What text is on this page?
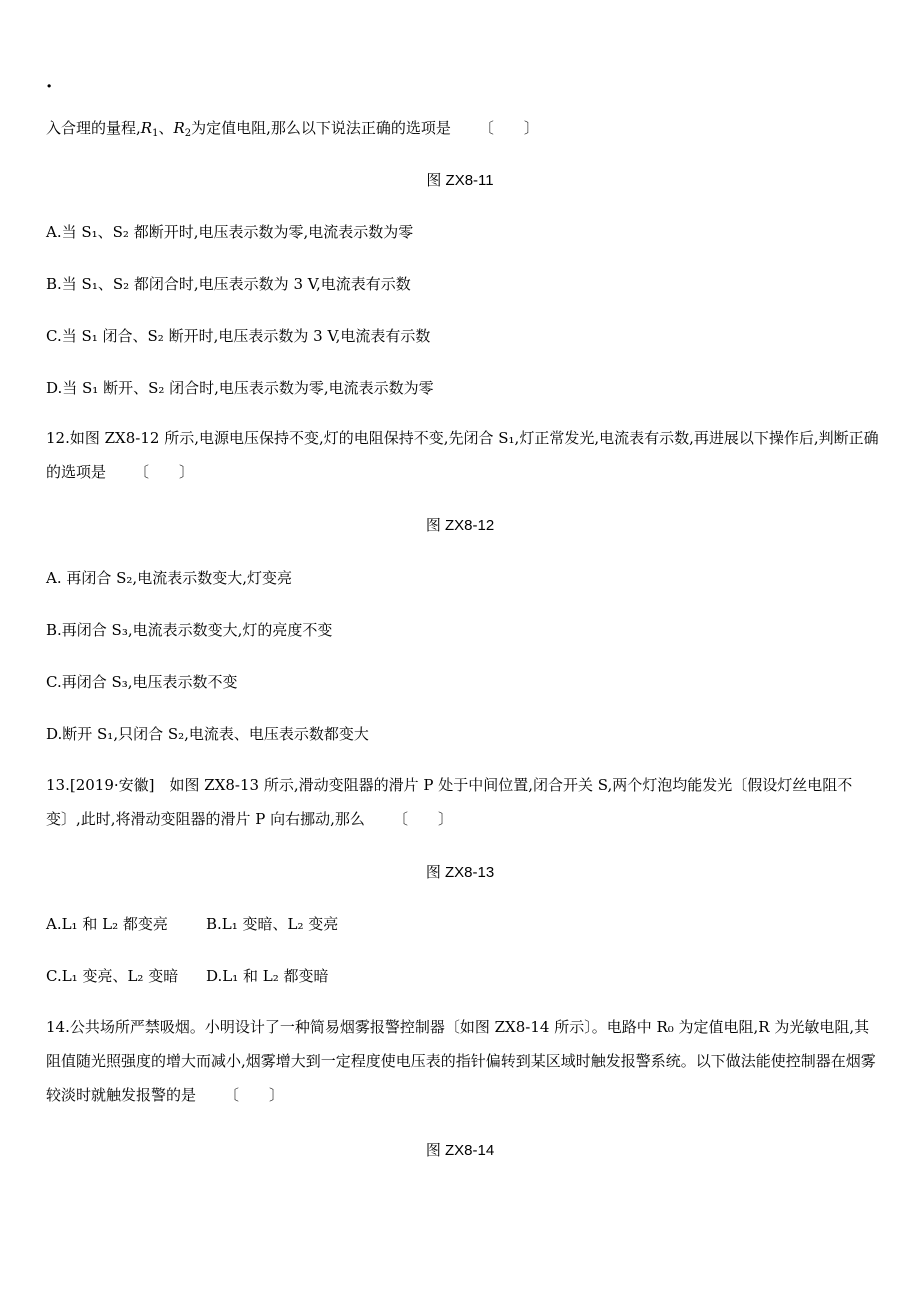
·
入合理的量程$,R_1$、$R_2$为定值电阻,那么以下说法正确的选项是 〔　　〕
图 ZX8-11
A.当 S₁、S₂ 都断开时,电压表示数为零,电流表示数为零
B.当 S₁、S₂ 都闭合时,电压表示数为 3 V,电流表有示数
C.当 S₁ 闭合、S₂ 断开时,电压表示数为 3 V,电流表有示数
D.当 S₁ 断开、S₂ 闭合时,电压表示数为零,电流表示数为零
12.如图 ZX8-12 所示,电源电压保持不变,灯的电阻保持不变,先闭合 S₁,灯正常发光,电流表有示数,再进展以下操作后,判断正确的选项是 〔　　〕
图 ZX8-12
A. 再闭合 S₂,电流表示数变大,灯变亮
B.再闭合 S₃,电流表示数变大,灯的亮度不变
C.再闭合 S₃,电压表示数不变
D.断开 S₁,只闭合 S₂,电流表、电压表示数都变大
13.[2019·安徽]　如图 ZX8-13 所示,滑动变阻器的滑片 P 处于中间位置,闭合开关 S,两个灯泡均能发光〔假设灯丝电阻不变〕,此时,将滑动变阻器的滑片 P 向右挪动,那么 〔　　〕
图 ZX8-13
A.L₁ 和 L₂ 都变亮	B.L₁ 变暗、L₂ 变亮
C.L₁ 变亮、L₂ 变暗 D.L₁ 和 L₂ 都变暗
14.公共场所严禁吸烟。小明设计了一种简易烟雾报警控制器〔如图 ZX8-14 所示〕。电路中 R₀ 为定值电阻,R 为光敏电阻,其阻值随光照强度的增大而减小,烟雾增大到一定程度使电压表的指针偏转到某区域时触发报警系统。以下做法能使控制器在烟雾较淡时就触发报警的是 〔　　〕
图 ZX8-14
